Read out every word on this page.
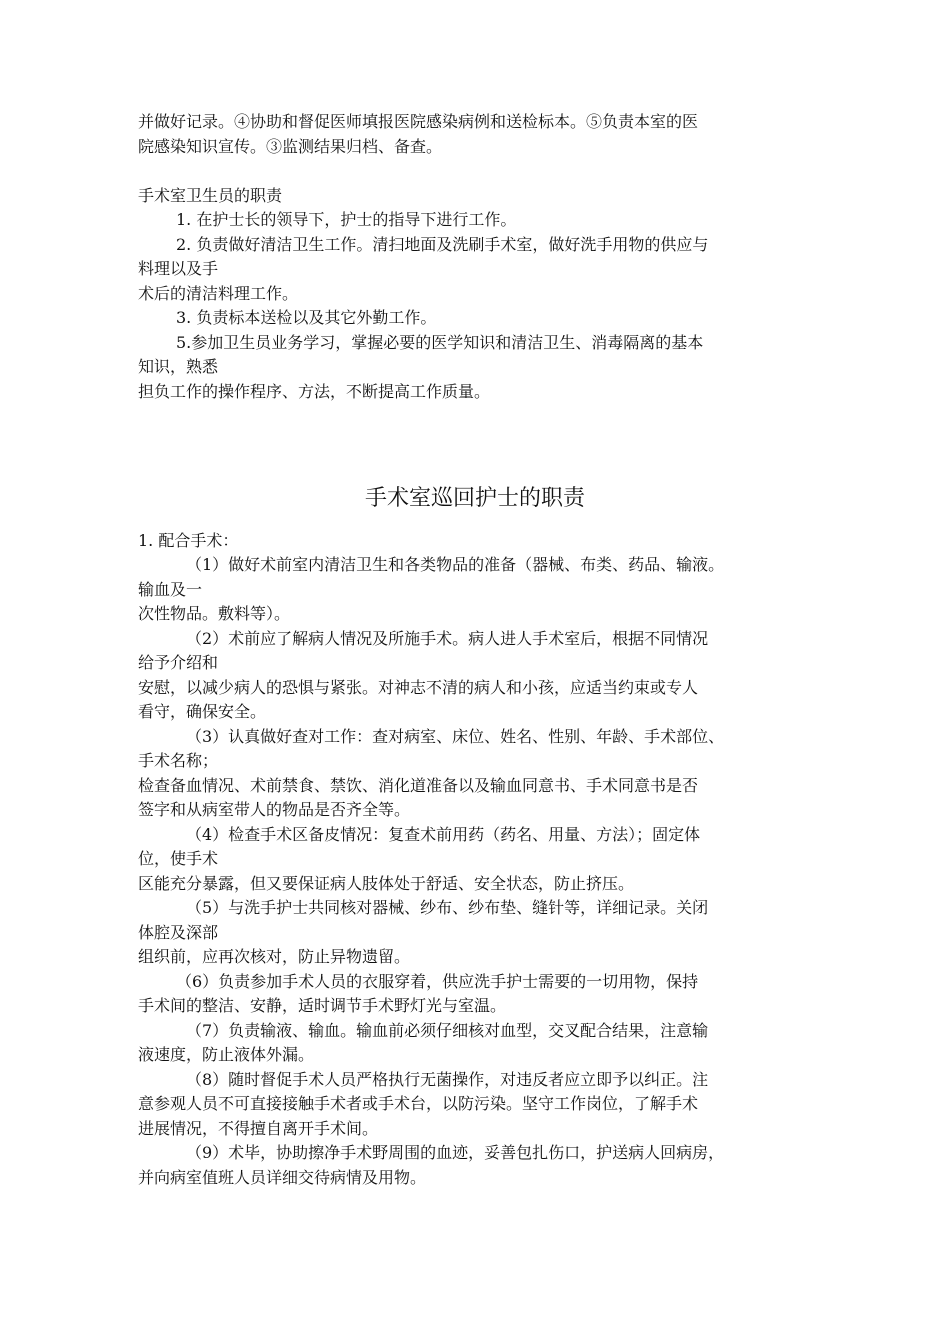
并做好记录。④协助和督促医师填报医院感染病例和送检标本。⑤负责本室的医
院感染知识宣传。③监测结果归档、备查。
手术室卫生员的职责
1. 在护士长的领导下，护士的指导下进行工作。
2. 负责做好清洁卫生工作。清扫地面及洗刷手术室，做好洗手用物的供应与
料理以及手
术后的清洁料理工作。
3. 负责标本送检以及其它外勤工作。
5.参加卫生员业务学习，掌握必要的医学知识和清洁卫生、消毒隔离的基本
知识，熟悉
担负工作的操作程序、方法，不断提高工作质量。
手术室巡回护士的职责
1. 配合手术：
（1）做好术前室内清洁卫生和各类物品的准备（器械、布类、药品、输液。
输血及一
次性物品。敷料等）。
（2）术前应了解病人情况及所施手术。病人进人手术室后，根据不同情况
给予介绍和
安慰，以减少病人的恐惧与紧张。对神志不清的病人和小孩，应适当约束或专人
看守，确保安全。
（3）认真做好查对工作：查对病室、床位、姓名、性别、年龄、手术部位、
手术名称；
检查备血情况、术前禁食、禁饮、消化道准备以及输血同意书、手术同意书是否
签字和从病室带人的物品是否齐全等。
（4）检查手术区备皮情况：复查术前用药（药名、用量、方法）；固定体
位，使手术
区能充分暴露，但又要保证病人肢体处于舒适、安全状态，防止挤压。
（5）与洗手护士共同核对器械、纱布、纱布垫、缝针等，详细记录。关闭
体腔及深部
组织前，应再次核对，防止异物遗留。
（6）负责参加手术人员的衣服穿着，供应洗手护士需要的一切用物，保持
手术间的整洁、安静，适时调节手术野灯光与室温。
（7）负责输液、输血。输血前必须仔细核对血型，交叉配合结果，注意输
液速度，防止液体外漏。
（8）随时督促手术人员严格执行无菌操作，对违反者应立即予以纠正。注
意参观人员不可直接接触手术者或手术台，以防污染。坚守工作岗位，了解手术
进展情况，不得擅自离开手术间。
（9）术毕，协助擦净手术野周围的血迹，妥善包扎伤口，护送病人回病房，
并向病室值班人员详细交待病情及用物。
